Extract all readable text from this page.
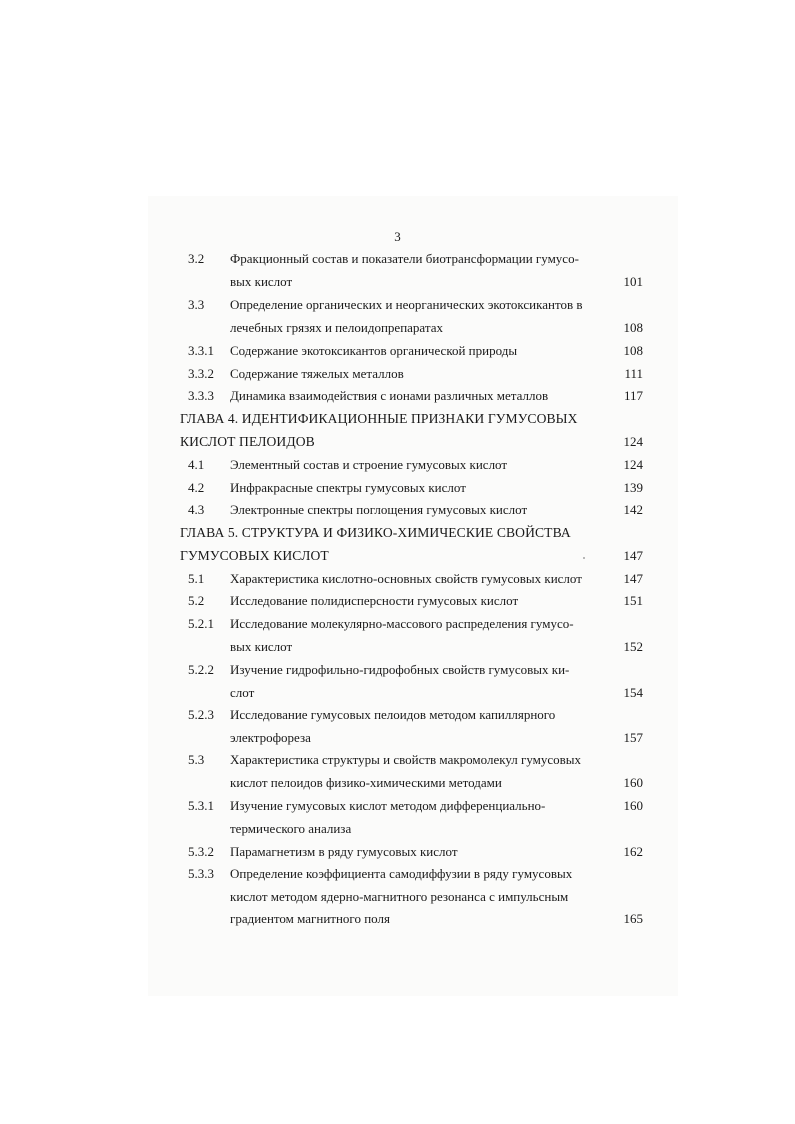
3
3.2 Фракционный состав и показатели биотрансформации гумусо-
вых кислот	101
3.3 Определение органических и неорганических экотоксикантов в
лечебных грязях и пелоидопрепаратах	108
3.3.1 Содержание экотоксикантов органической природы	108
3.3.2 Содержание тяжелых металлов	111
3.3.3 Динамика взаимодействия с ионами различных металлов	117
ГЛАВА 4. ИДЕНТИФИКАЦИОННЫЕ ПРИЗНАКИ ГУМУСОВЫХ
КИСЛОТ ПЕЛОИДОВ	124
4.1 Элементный состав и строение гумусовых кислот	124
4.2 Инфракрасные спектры гумусовых кислот	139
4.3 Электронные спектры поглощения гумусовых кислот	142
ГЛАВА 5. СТРУКТУРА И ФИЗИКО-ХИМИЧЕСКИЕ СВОЙСТВА
ГУМУСОВЫХ КИСЛОТ	147
5.1 Характеристика кислотно-основных свойств гумусовых кислот	147
5.2 Исследование полидисперсности гумусовых кислот	151
5.2.1 Исследование молекулярно-массового распределения гумусо-
вых кислот	152
5.2.2 Изучение гидрофильно-гидрофобных свойств гумусовых ки-
слот	154
5.2.3 Исследование гумусовых пелоидов методом капиллярного
электрофореза	157
5.3 Характеристика структуры и свойств макромолекул гумусовых
кислот пелоидов физико-химическими методами	160
5.3.1 Изучение гумусовых кислот методом дифференциально-	160
термического анализа
5.3.2 Парамагнетизм в ряду гумусовых кислот	162
5.3.3 Определение коэффициента самодиффузии в ряду гумусовых
кислот методом ядерно-магнитного резонанса с импульсным
градиентом магнитного поля	165
